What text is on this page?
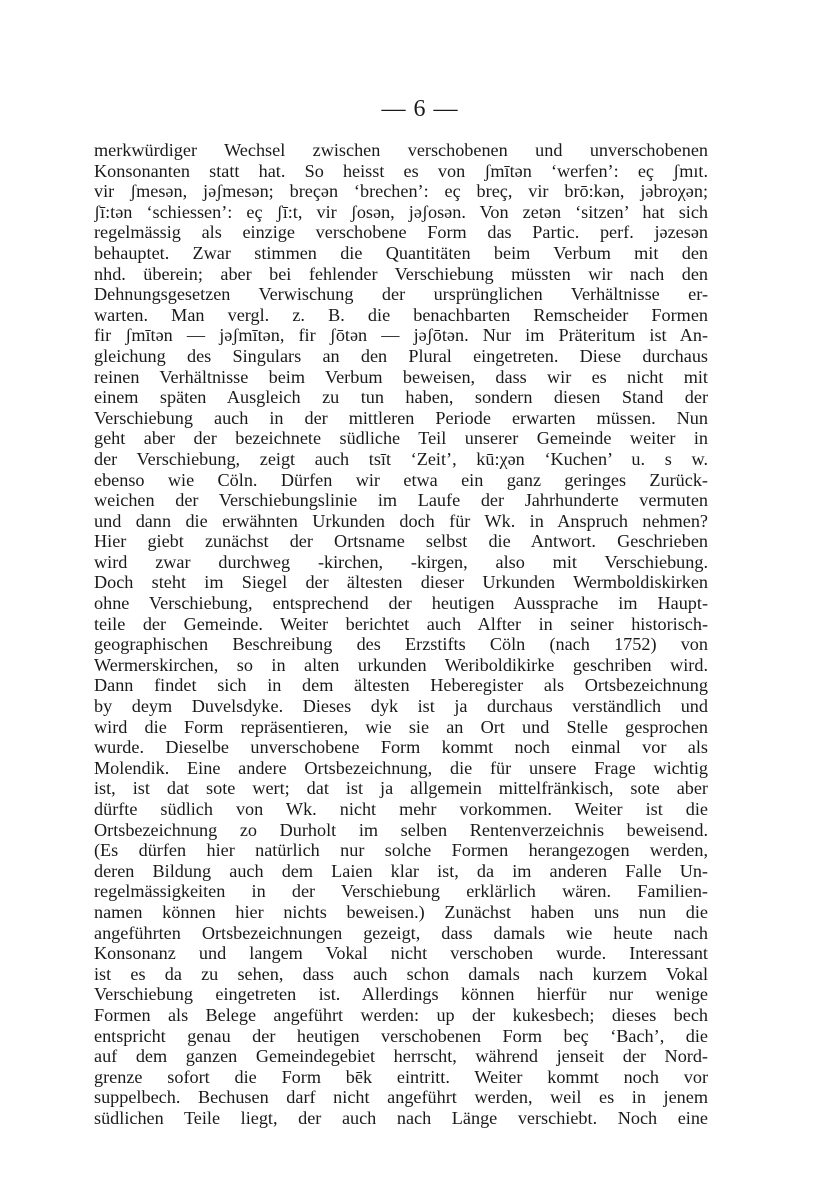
— 6 —
merkwürdiger Wechsel zwischen verschobenen und unverschobenen
Konsonanten statt hat. So heisst es von ʃmītən ‘werfen’: eç ʃmıt.
vir ʃmesən, jəʃmesən; brеçən ‘brechen’: eç breç, vir brō:kən, jəbroχən;
ʃī:tən ‘schiessen’: eç ʃī:t, vir ʃosən, jəʃosən. Von zetən ‘sitzen’ hat sich
regelmässig als einzige verschobene Form das Partic. perf. jəzеsən
behauptet. Zwar stimmen die Quantitäten beim Verbum mit den
nhd. überein; aber bei fehlender Verschiebung müssten wir nach den
Dehnungsgesetzen Verwischung der ursprünglichen Verhältnisse er-
warten. Man vergl. z. B. die benachbarten Remscheider Formen
fir ʃmītən — jəʃmītən, fir ʃōtən — jəʃōtən. Nur im Präteritum ist An-
gleichung des Singulars an den Plural eingetreten. Diese durchaus
reinen Verhältnisse beim Verbum beweisen, dass wir es nicht mit
einem späten Ausgleich zu tun haben, sondern diesen Stand der
Verschiebung auch in der mittleren Periode erwarten müssen. Nun
geht aber der bezeichnete südliche Teil unserer Gemeinde weiter in
der Verschiebung, zeigt auch tsīt ‘Zeit’, kū:χən ‘Kuchen’ u. s w.
ebenso wie Cöln. Dürfen wir etwa ein ganz geringes Zurück-
weichen der Verschiebungslinie im Laufe der Jahrhunderte vermuten
und dann die erwähnten Urkunden doch für Wk. in Anspruch nehmen?
Hier giebt zunächst der Ortsname selbst die Antwort. Geschrieben
wird zwar durchweg -kirchen, -kirgen, also mit Verschiebung.
Doch steht im Siegel der ältesten dieser Urkunden Wermboldiskirken
ohne Verschiebung, entsprechend der heutigen Aussprache im Haupt-
teile der Gemeinde. Weiter berichtet auch Alfter in seiner historisch-
geographischen Beschreibung des Erzstifts Cöln (nach 1752) von
Wermerskirchen, so in alten urkunden Weriboldikirke geschriben wird.
Dann findet sich in dem ältesten Heberegister als Ortsbezeichnung
by deym Duvelsdyke. Dieses dyk ist ja durchaus verständlich und
wird die Form repräsentieren, wie sie an Ort und Stelle gesprochen
wurde. Dieselbe unverschobene Form kommt noch einmal vor als
Molendik. Eine andere Ortsbezeichnung, die für unsere Frage wichtig
ist, ist dat sote wert; dat ist ja allgemein mittelfränkisch, sote aber
dürfte südlich von Wk. nicht mehr vorkommen. Weiter ist die
Ortsbezeichnung zo Durholt im selben Rentenverzeichnis beweisend.
(Es dürfen hier natürlich nur solche Formen herangezogen werden,
deren Bildung auch dem Laien klar ist, da im anderen Falle Un-
regelmässigkeiten in der Verschiebung erklärlich wären. Familien-
namen können hier nichts beweisen.) Zunächst haben uns nun die
angeführten Ortsbezeichnungen gezeigt, dass damals wie heute nach
Konsonanz und langem Vokal nicht verschoben wurde. Interessant
ist es da zu sehen, dass auch schon damals nach kurzem Vokal
Verschiebung eingetreten ist. Allerdings können hierfür nur wenige
Formen als Belege angeführt werden: up der kukesbech; dieses bech
entspricht genau der heutigen verschobenen Form beç ‘Bach’, die
auf dem ganzen Gemeindegebiet herrscht, während jenseit der Nord-
grenze sofort die Form bēk eintritt. Weiter kommt noch vor
suppelbech. Bechusen darf nicht angeführt werden, weil es in jenem
südlichen Teile liegt, der auch nach Länge verschiebt. Noch eine
